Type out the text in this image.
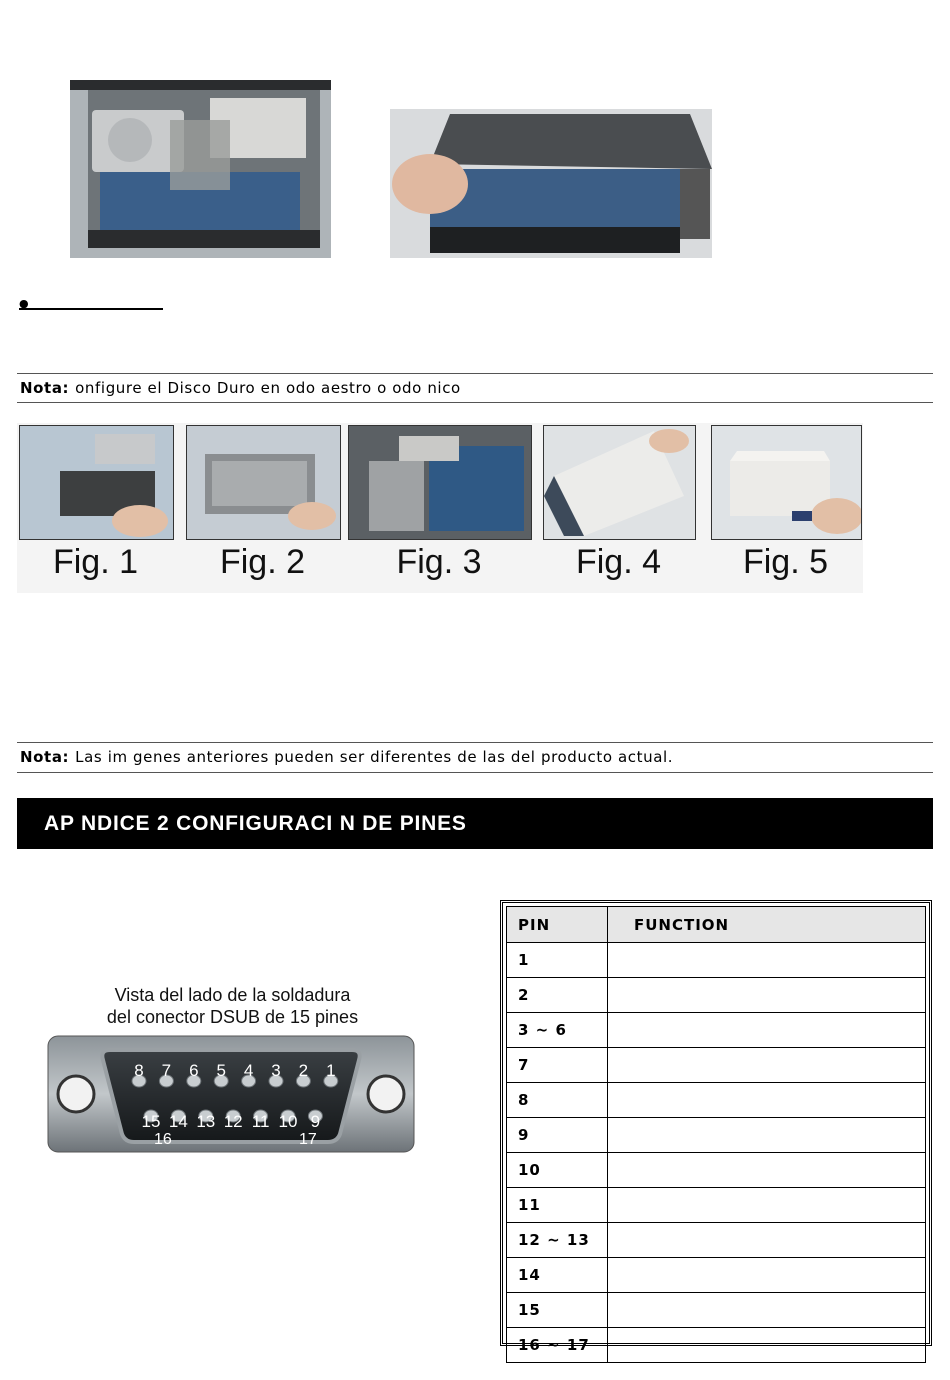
●
Nota: onfigure el Disco Duro en odo aestro o odo nico
Fig. 1	Fig. 2	Fig. 3	Fig. 4	Fig. 5
Nota: Las im genes anteriores pueden ser diferentes de las del producto actual.
AP NDICE 2 CONFIGURACI N DE PINES
Vista del lado de la soldadura
del conector DSUB de 15 pines
8	7	6	5	4	3	2	1
15 14 13 12 11 10 9
16	17
PIN	FUNCTION
1	
2	
3 ~ 6	
7	
8	
9	
10	
11	
12 ~ 13	
14	
15	
16 ~ 17	
